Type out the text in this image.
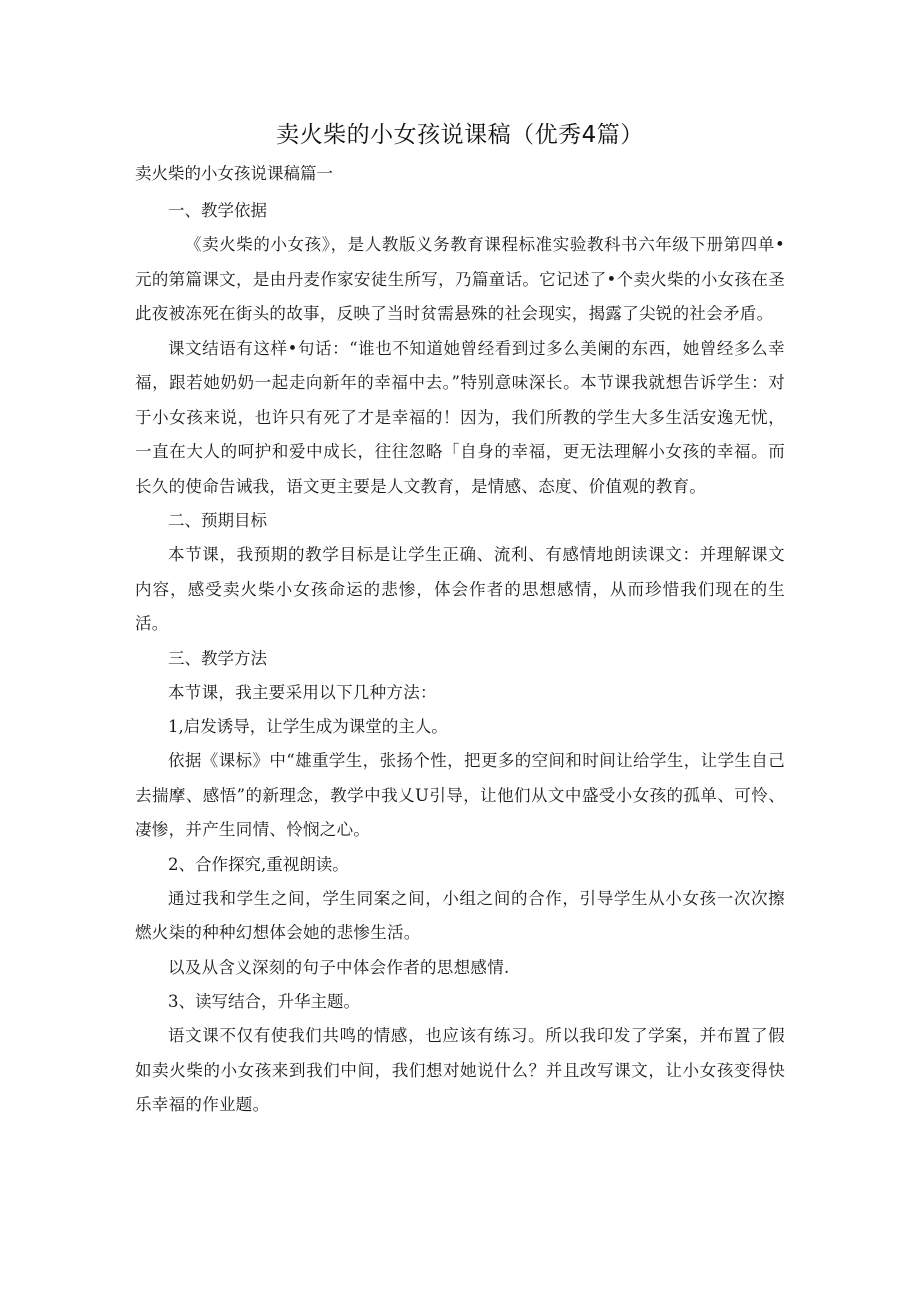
卖火柴的小女孩说课稿（优秀4篇）

卖火柴的小女孩说课稿篇一

一、教学依据

《卖火柴的小女孩》，是人教版义务教育课程标准实验教科书六年级下册第四单•元的第篇课文，是由丹麦作家安徒生所写，乃篇童话。它记述了•个卖火柴的小女孩在圣此夜被冻死在街头的故事，反映了当时贫需悬殊的社会现实，揭露了尖锐的社会矛盾。

课文结语有这样•句话：“谁也不知道她曾经看到过多么美阑的东西，她曾经多么幸福，跟若她奶奶一起走向新年的幸福中去。”特别意味深长。本节课我就想告诉学生：对于小女孩来说，也许只有死了才是幸福的！因为，我们所教的学生大多生活安逸无忧，一直在大人的呵护和爱中成长，往往忽略「自身的幸福，更无法理解小女孩的幸福。而长久的使命告诫我，语文更主要是人文教育，是情感、态度、价值观的教育。

二、预期目标

本节课，我预期的教学目标是让学生正确、流利、有感情地朗读课文：并理解课文内容，感受卖火柴小女孩命运的悲惨，体会作者的思想感情，从而珍惜我们现在的生活。

三、教学方法

本节课，我主要采用以下几种方法：

1,启发诱导，让学生成为课堂的主人。

依据《课标》中“雄重学生，张扬个性，把更多的空间和时间让给学生，让学生自己去揣摩、感悟”的新理念，教学中我乂U引导，让他们从文中盛受小女孩的孤单、可怜、凄惨，并产生同情、怜悯之心。

2、合作探究,重视朗读。

通过我和学生之间，学生同案之间，小组之间的合作，引导学生从小女孩一次次擦燃火柒的种种幻想体会她的悲惨生活。

以及从含义深刻的句子中体会作者的思想感情.

3、读写结合，升华主题。

语文课不仅有使我们共鸣的情感，也应该有练习。所以我印发了学案，并布置了假如卖火柴的小女孩来到我们中间，我们想对她说什么？并且改写课文，让小女孩变得快乐幸福的作业题。
